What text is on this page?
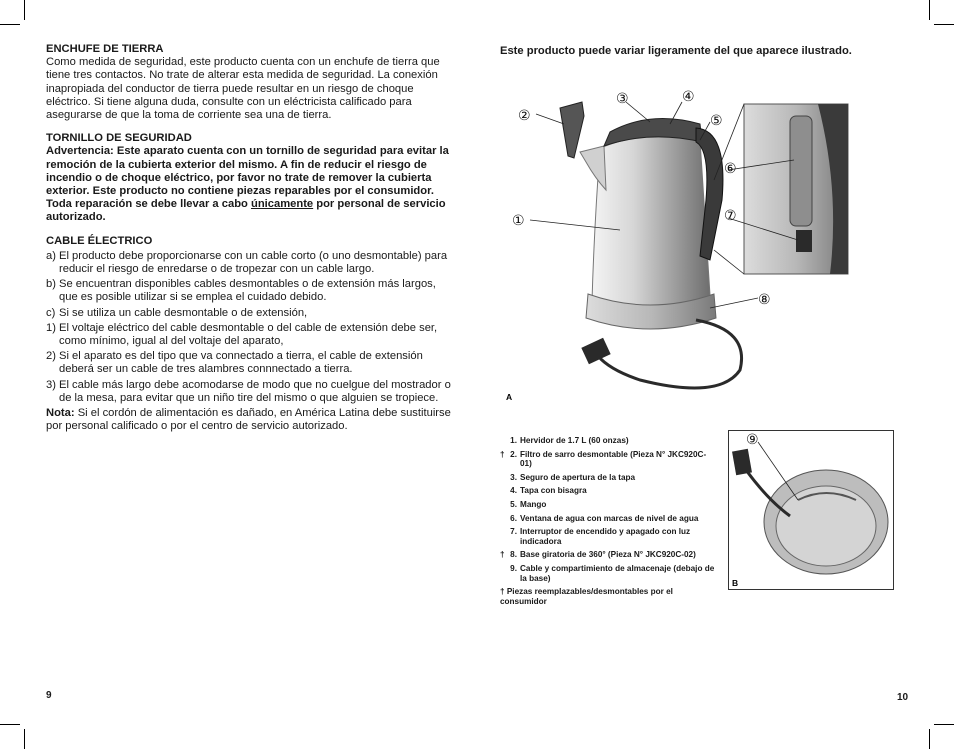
ENCHUFE DE TIERRA

Como medida de seguridad, este producto cuenta con un enchufe de tierra que tiene tres contactos. No trate de alterar esta medida de seguridad. La conexión inapropiada del conductor de tierra puede resultar en un riesgo de choque eléctrico. Si tiene alguna duda, consulte con un eléctricista calificado para asegurarse de que la toma de corriente sea una de tierra.

TORNILLO DE SEGURIDAD

Advertencia: Este aparato cuenta con un tornillo de seguridad para evitar la remoción de la cubierta exterior del mismo. A fin de reducir el riesgo de incendio o de choque eléctrico, por favor no trate de remover la cubierta exterior. Este producto no contiene piezas reparables por el consumidor. Toda reparación se debe llevar a cabo únicamente por personal de servicio autorizado.

CABLE ÉLECTRICO
a) El producto debe proporcionarse con un cable corto (o uno desmontable) para reducir el riesgo de enredarse o de tropezar con un cable largo.
b) Se encuentran disponibles cables desmontables o de extensión más largos, que es posible utilizar si se emplea el cuidado debido.
c) Si se utiliza un cable desmontable o de extensión,
1) El voltaje eléctrico del cable desmontable o del cable de extensión debe ser, como mínimo, igual al del voltaje del aparato,
2) Si el aparato es del tipo que va connectado a tierra, el cable de extensión deberá ser un cable de tres alambres connnectado a tierra.
3) El cable más largo debe acomodarse de modo que no cuelgue del mostrador o de la mesa, para evitar que un niño tire del mismo o que alguien se tropiece.

Nota: Si el cordón de alimentación es dañado, en América Latina debe sustituirse por personal calificado o por el centro de servicio autorizado.

9
Este producto puede variar ligeramente del que aparece ilustrado.
①
②
③	④
⑤
⑥
⑦
⑧
A
⑨
B
1. Hervidor de 1.7 L (60 onzas)
† 2. Filtro de sarro desmontable (Pieza N° JKC920C-01)
3. Seguro de apertura de la tapa
4. Tapa con bisagra
5. Mango
6. Ventana de agua con marcas de nivel de agua
7. Interruptor de encendido y apagado con luz indicadora
† 8. Base giratoria de 360° (Pieza N° JKC920C-02)
9. Cable y compartimiento de almacenaje (debajo de la base)
† Piezas reemplazables/desmontables por el consumidor
10
